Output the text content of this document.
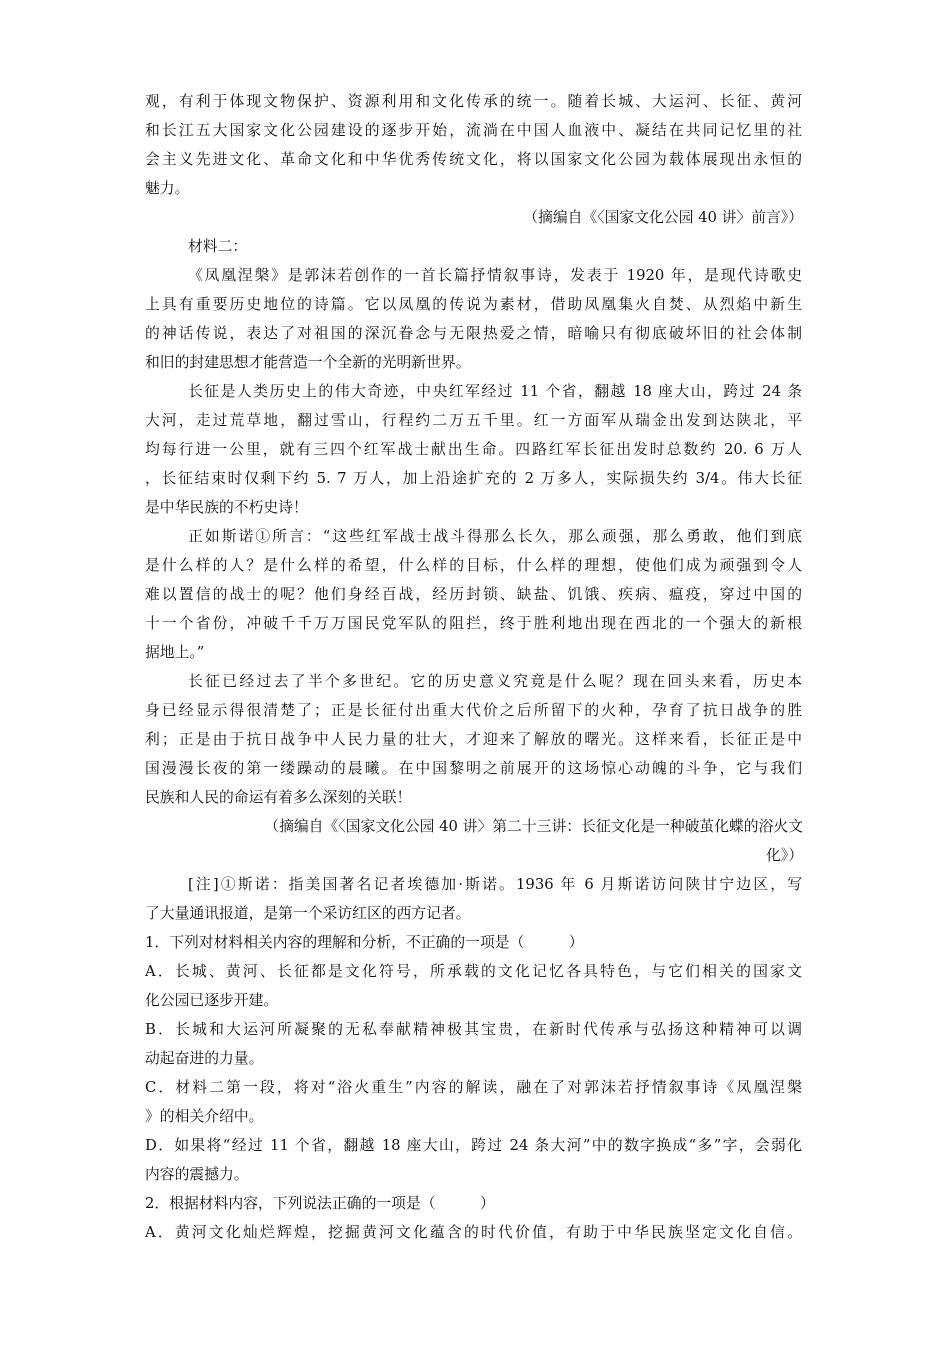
观，有利于体现文物保护、资源利用和文化传承的统一。随着长城、大运河、长征、黄河
和长江五大国家文化公园建设的逐步开始，流淌在中国人血液中、凝结在共同记忆里的社
会主义先进文化、革命文化和中华优秀传统文化，将以国家文化公园为载体展现出永恒的
魅力。
（摘编自《〈国家文化公园 40 讲〉前言》）
材料二：
《凤凰涅槃》是郭沫若创作的一首长篇抒情叙事诗，发表于 1920 年，是现代诗歌史
上具有重要历史地位的诗篇。它以凤凰的传说为素材，借助凤凰集火自焚、从烈焰中新生
的神话传说，表达了对祖国的深沉眷念与无限热爱之情，暗喻只有彻底破坏旧的社会体制
和旧的封建思想才能营造一个全新的光明新世界。
长征是人类历史上的伟大奇迹，中央红军经过 11 个省，翻越 18 座大山，跨过 24 条
大河，走过荒草地，翻过雪山，行程约二万五千里。红一方面军从瑞金出发到达陕北，平
均每行进一公里，就有三四个红军战士献出生命。四路红军长征出发时总数约 20. 6 万人
，长征结束时仅剩下约 5. 7 万人，加上沿途扩充的 2 万多人，实际损失约 3/4。伟大长征
是中华民族的不朽史诗！
正如斯诺①所言：“这些红军战士战斗得那么长久，那么顽强，那么勇敢，他们到底
是什么样的人？是什么样的希望，什么样的目标，什么样的理想，使他们成为顽强到令人
难以置信的战士的呢？他们身经百战，经历封锁、缺盐、饥饿、疾病、瘟疫，穿过中国的
十一个省份，冲破千千万万国民党军队的阻拦，终于胜利地出现在西北的一个强大的新根
据地上。”
长征已经过去了半个多世纪。它的历史意义究竟是什么呢？现在回头来看，历史本
身已经显示得很清楚了；正是长征付出重大代价之后所留下的火种，孕育了抗日战争的胜
利；正是由于抗日战争中人民力量的壮大，才迎来了解放的曙光。这样来看，长征正是中
国漫漫长夜的第一缕躁动的晨曦。在中国黎明之前展开的这场惊心动魄的斗争，它与我们
民族和人民的命运有着多么深刻的关联！
（摘编自《〈国家文化公园 40 讲〉第二十三讲：长征文化是一种破茧化蝶的浴火文
化》）
[注]①斯诺：指美国著名记者埃德加·斯诺。1936 年 6 月斯诺访问陕甘宁边区，写
了大量通讯报道，是第一个采访红区的西方记者。
1．下列对材料相关内容的理解和分析，不正确的一项是（　　　）
A．长城、黄河、长征都是文化符号，所承载的文化记忆各具特色，与它们相关的国家文
化公园已逐步开建。
B．长城和大运河所凝聚的无私奉献精神极其宝贵，在新时代传承与弘扬这种精神可以调
动起奋进的力量。
C．材料二第一段，将对“浴火重生”内容的解读，融在了对郭沫若抒情叙事诗《凤凰涅槃
》的相关介绍中。
D．如果将“经过 11 个省，翻越 18 座大山，跨过 24 条大河”中的数字换成“多”字，会弱化
内容的震撼力。
2．根据材料内容，下列说法正确的一项是（　　　）
A．黄河文化灿烂辉煌，挖掘黄河文化蕴含的时代价值，有助于中华民族坚定文化自信。
